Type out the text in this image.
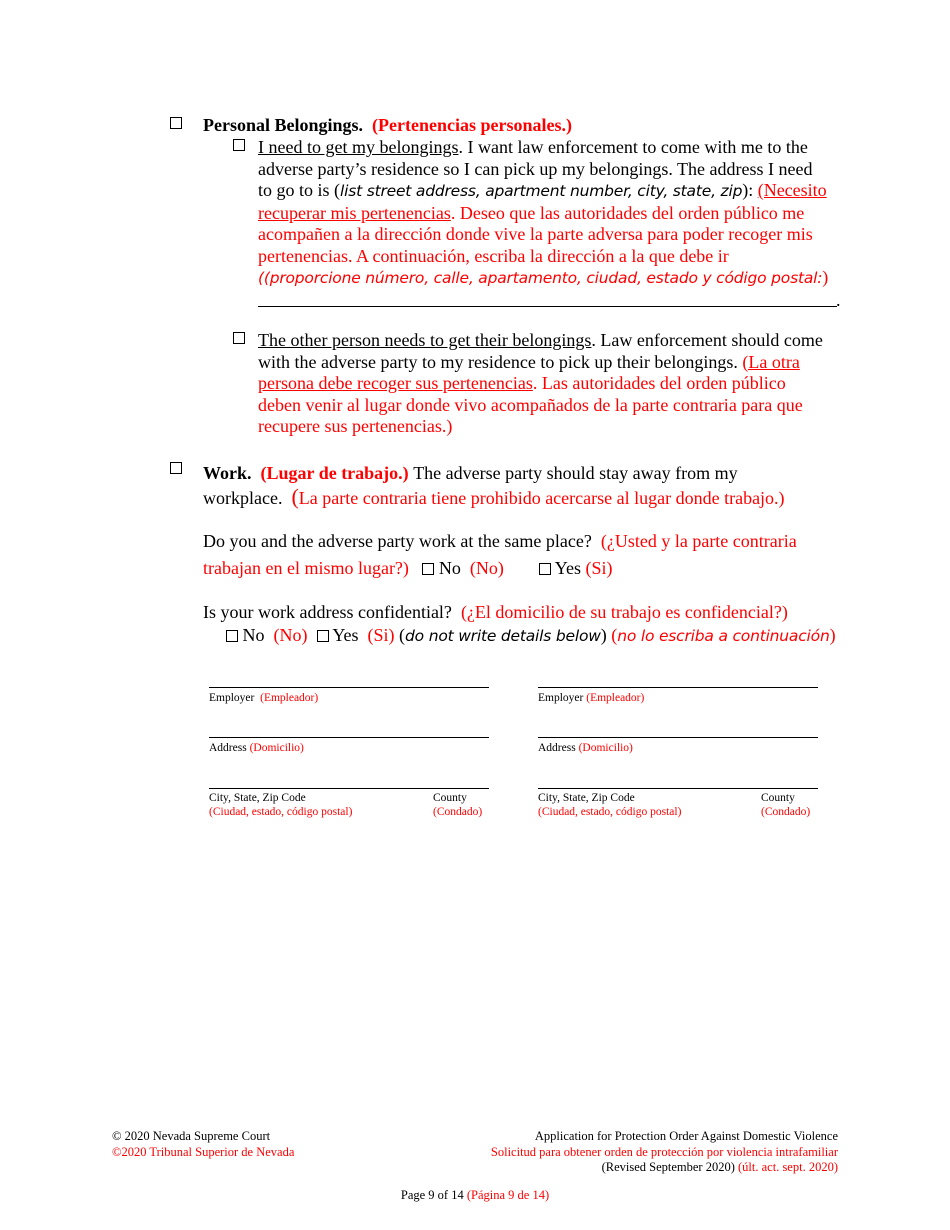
Personal Belongings. (Pertenencias personales.)
I need to get my belongings. I want law enforcement to come with me to the
adverse party’s residence so I can pick up my belongings. The address I need
to go to is (list street address, apartment number, city, state, zip): (Necesito
recuperar mis pertenencias. Deseo que las autoridades del orden público me
acompañen a la dirección donde vive la parte adversa para poder recoger mis
pertenencias. A continuación, escriba la dirección a la que debe ir
((proporcione número, calle, apartamento, ciudad, estado y código postal:)
.
The other person needs to get their belongings. Law enforcement should come
with the adverse party to my residence to pick up their belongings. (La otra
persona debe recoger sus pertenencias. Las autoridades del orden público
deben venir al lugar donde vivo acompañados de la parte contraria para que
recupere sus pertenencias.)
Work. (Lugar de trabajo.) The adverse party should stay away from my
workplace. (La parte contraria tiene prohibido acercarse al lugar donde trabajo.)
Do you and the adverse party work at the same place? (¿Usted y la parte contraria
trabajan en el mismo lugar?) No (No)	Yes (Si)
Is your work address confidential? (¿El domicilio de su trabajo es confidencial?)
No (No) Yes (Si) (do not write details below) (no lo escriba a continuación)
Employer (Empleador)
Address (Domicilio)
City, State, Zip Code
(Ciudad, estado, código postal)
County
(Condado)
Employer (Empleador)
Address (Domicilio)
City, State, Zip Code
(Ciudad, estado, código postal)
County
(Condado)
© 2020 Nevada Supreme Court
©2020 Tribunal Superior de Nevada
Application for Protection Order Against Domestic Violence
Solicitud para obtener orden de protección por violencia intrafamiliar
(Revised September 2020) (últ. act. sept. 2020)
Page 9 of 14 (Página 9 de 14)
